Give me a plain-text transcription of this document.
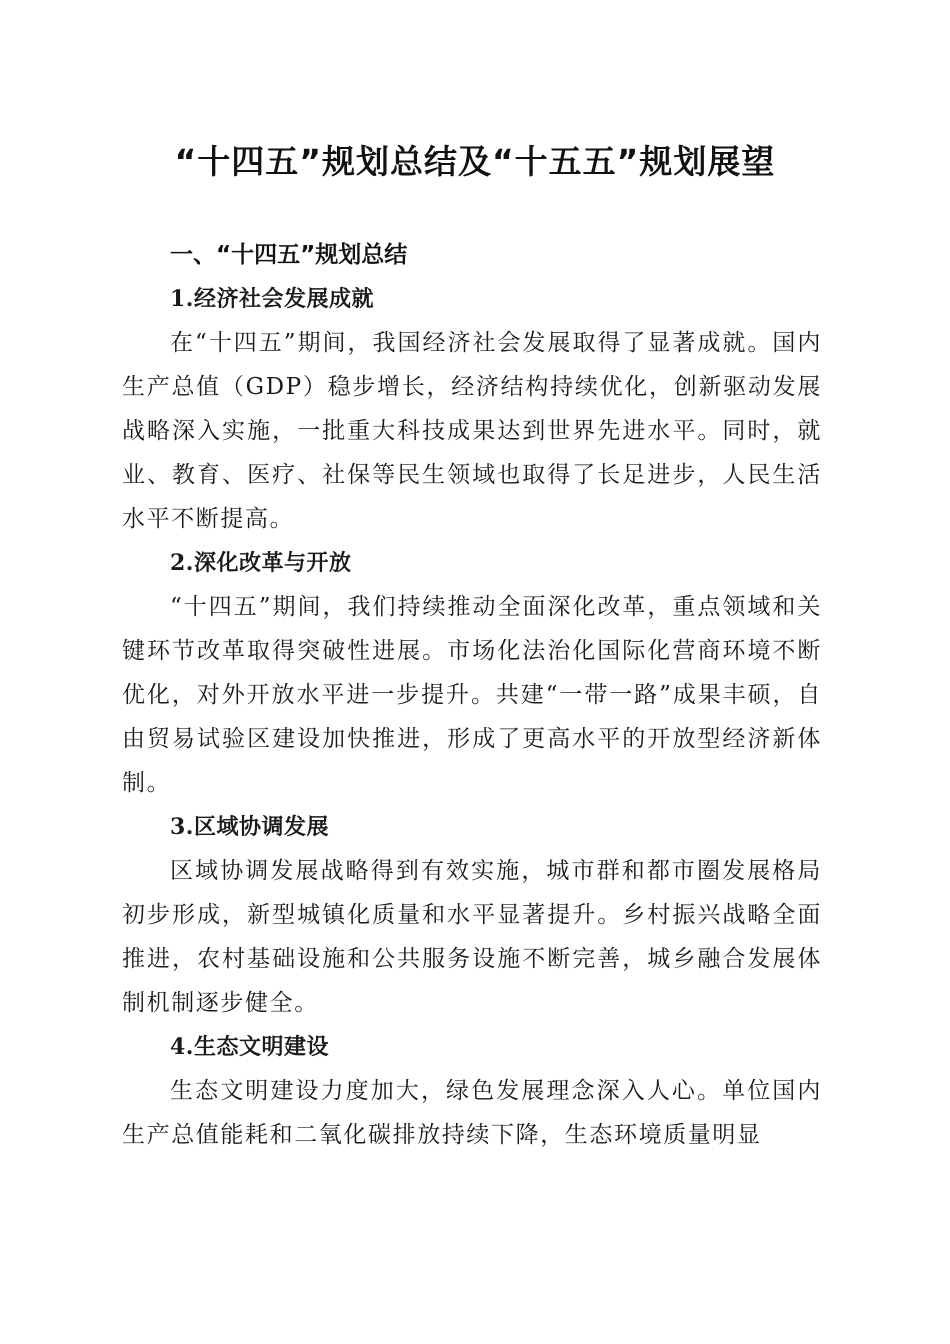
“十四五”规划总结及“十五五”规划展望
一、“十四五”规划总结
1.经济社会发展成就

在“十四五”期间，我国经济社会发展取得了显著成就。国内生产总值（GDP）稳步增长，经济结构持续优化，创新驱动发展战略深入实施，一批重大科技成果达到世界先进水平。同时，就业、教育、医疗、社保等民生领域也取得了长足进步，人民生活水平不断提高。

2.深化改革与开放

“十四五”期间，我们持续推动全面深化改革，重点领域和关键环节改革取得突破性进展。市场化法治化国际化营商环境不断优化，对外开放水平进一步提升。共建“一带一路”成果丰硕，自由贸易试验区建设加快推进，形成了更高水平的开放型经济新体制。

3.区域协调发展

区域协调发展战略得到有效实施，城市群和都市圈发展格局初步形成，新型城镇化质量和水平显著提升。乡村振兴战略全面推进，农村基础设施和公共服务设施不断完善，城乡融合发展体制机制逐步健全。

4.生态文明建设

生态文明建设力度加大，绿色发展理念深入人心。单位国内生产总值能耗和二氧化碳排放持续下降，生态环境质量明显
